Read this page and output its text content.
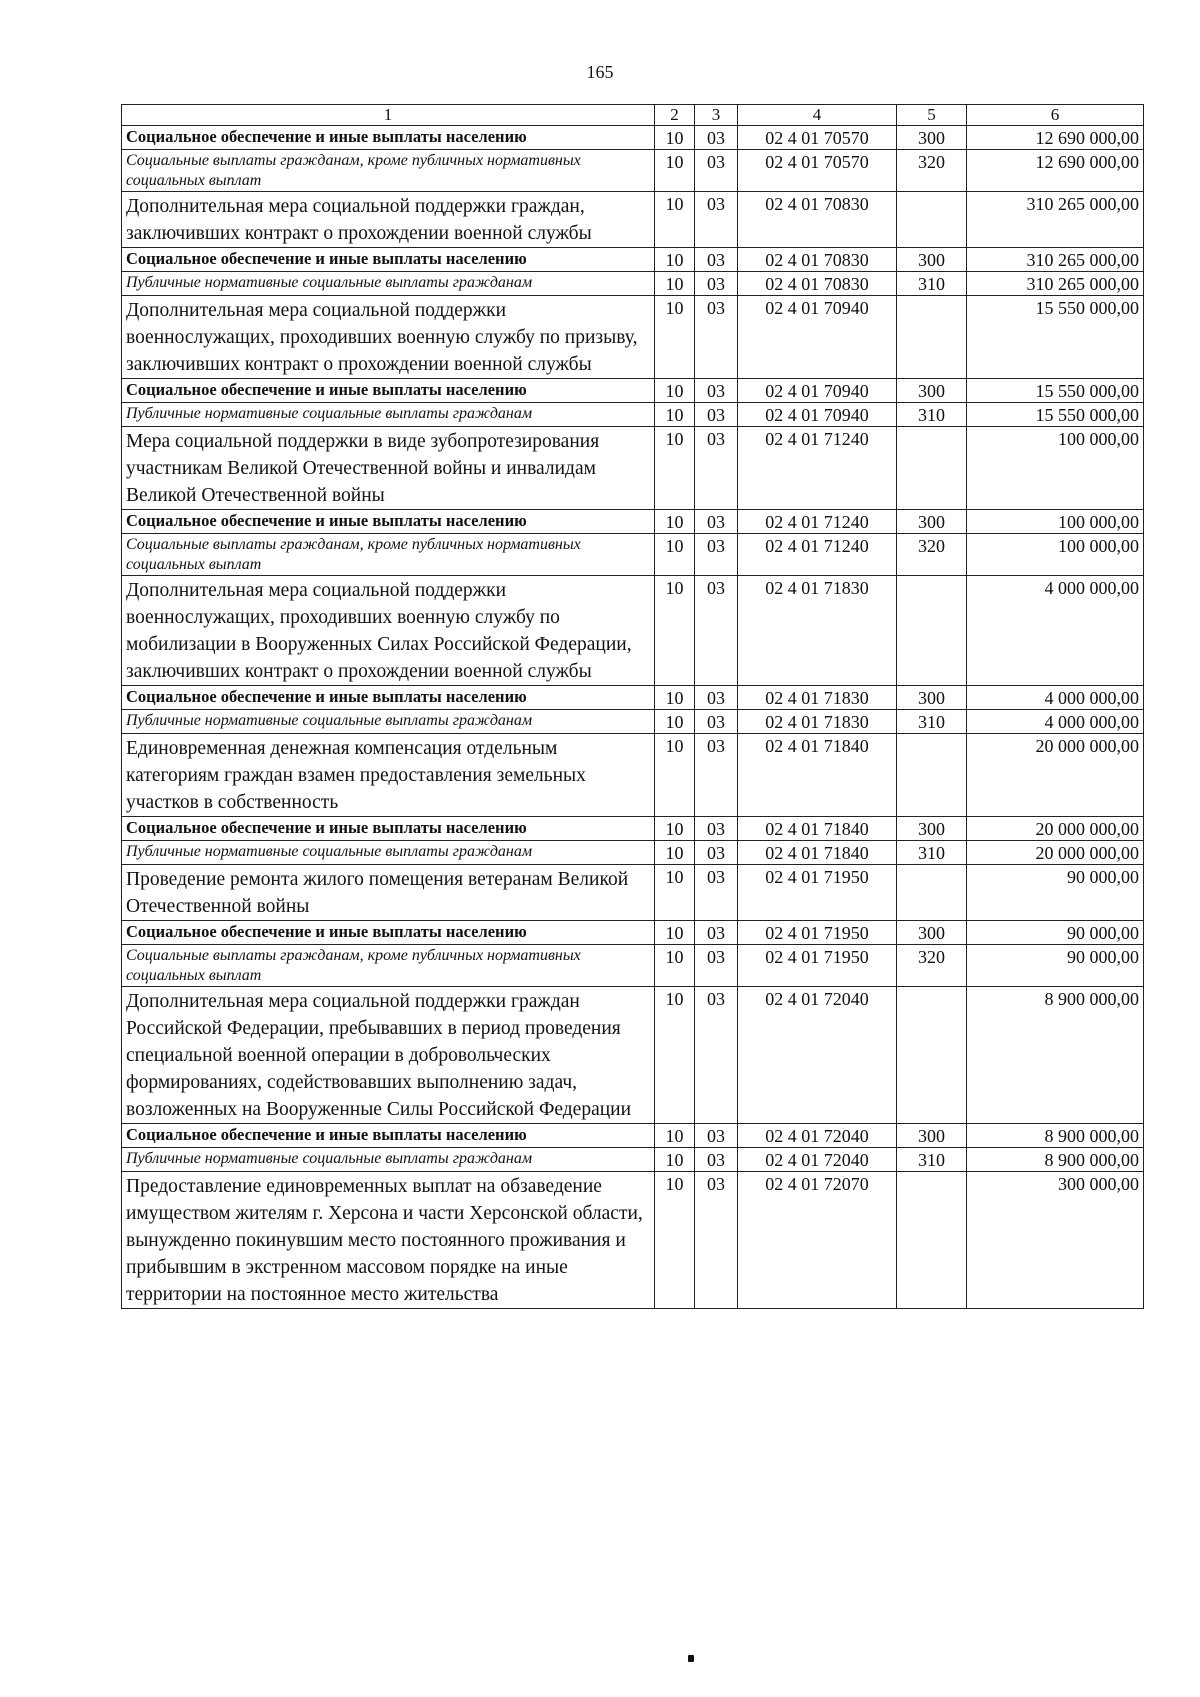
165
1	2	3	4	5	6
Социальное обеспечение и иные выплаты населению	10	03	02 4 01 70570	300	12 690 000,00
Социальные выплаты гражданам, кроме публичных нормативных социальных выплат	10	03	02 4 01 70570	320	12 690 000,00
Дополнительная мера социальной поддержки граждан, заключивших контракт о прохождении военной службы	10	03	02 4 01 70830		310 265 000,00
Социальное обеспечение и иные выплаты населению	10	03	02 4 01 70830	300	310 265 000,00
Публичные нормативные социальные выплаты гражданам	10	03	02 4 01 70830	310	310 265 000,00
Дополнительная мера социальной поддержки военнослужащих, проходивших военную службу по призыву, заключивших контракт о прохождении военной службы	10	03	02 4 01 70940		15 550 000,00
Социальное обеспечение и иные выплаты населению	10	03	02 4 01 70940	300	15 550 000,00
Публичные нормативные социальные выплаты гражданам	10	03	02 4 01 70940	310	15 550 000,00
Мера социальной поддержки в виде зубопротезирования участникам Великой Отечественной войны и инвалидам Великой Отечественной войны	10	03	02 4 01 71240		100 000,00
Социальное обеспечение и иные выплаты населению	10	03	02 4 01 71240	300	100 000,00
Социальные выплаты гражданам, кроме публичных нормативных социальных выплат	10	03	02 4 01 71240	320	100 000,00
Дополнительная мера социальной поддержки военнослужащих, проходивших военную службу по мобилизации в Вооруженных Силах Российской Федерации, заключивших контракт о прохождении военной службы	10	03	02 4 01 71830		4 000 000,00
Социальное обеспечение и иные выплаты населению	10	03	02 4 01 71830	300	4 000 000,00
Публичные нормативные социальные выплаты гражданам	10	03	02 4 01 71830	310	4 000 000,00
Единовременная денежная компенсация отдельным категориям граждан взамен предоставления земельных участков в собственность	10	03	02 4 01 71840		20 000 000,00
Социальное обеспечение и иные выплаты населению	10	03	02 4 01 71840	300	20 000 000,00
Публичные нормативные социальные выплаты гражданам	10	03	02 4 01 71840	310	20 000 000,00
Проведение ремонта жилого помещения ветеранам Великой Отечественной войны	10	03	02 4 01 71950		90 000,00
Социальное обеспечение и иные выплаты населению	10	03	02 4 01 71950	300	90 000,00
Социальные выплаты гражданам, кроме публичных нормативных социальных выплат	10	03	02 4 01 71950	320	90 000,00
Дополнительная мера социальной поддержки граждан Российской Федерации, пребывавших в период проведения специальной военной операции в добровольческих формированиях, содействовавших выполнению задач, возложенных на Вооруженные Силы Российской Федерации	10	03	02 4 01 72040		8 900 000,00
Социальное обеспечение и иные выплаты населению	10	03	02 4 01 72040	300	8 900 000,00
Публичные нормативные социальные выплаты гражданам	10	03	02 4 01 72040	310	8 900 000,00
Предоставление единовременных выплат на обзаведение имуществом жителям г. Херсона и части Херсонской области, вынужденно покинувшим место постоянного проживания и прибывшим в экстренном массовом порядке на иные территории на постоянное место жительства	10	03	02 4 01 72070		300 000,00
